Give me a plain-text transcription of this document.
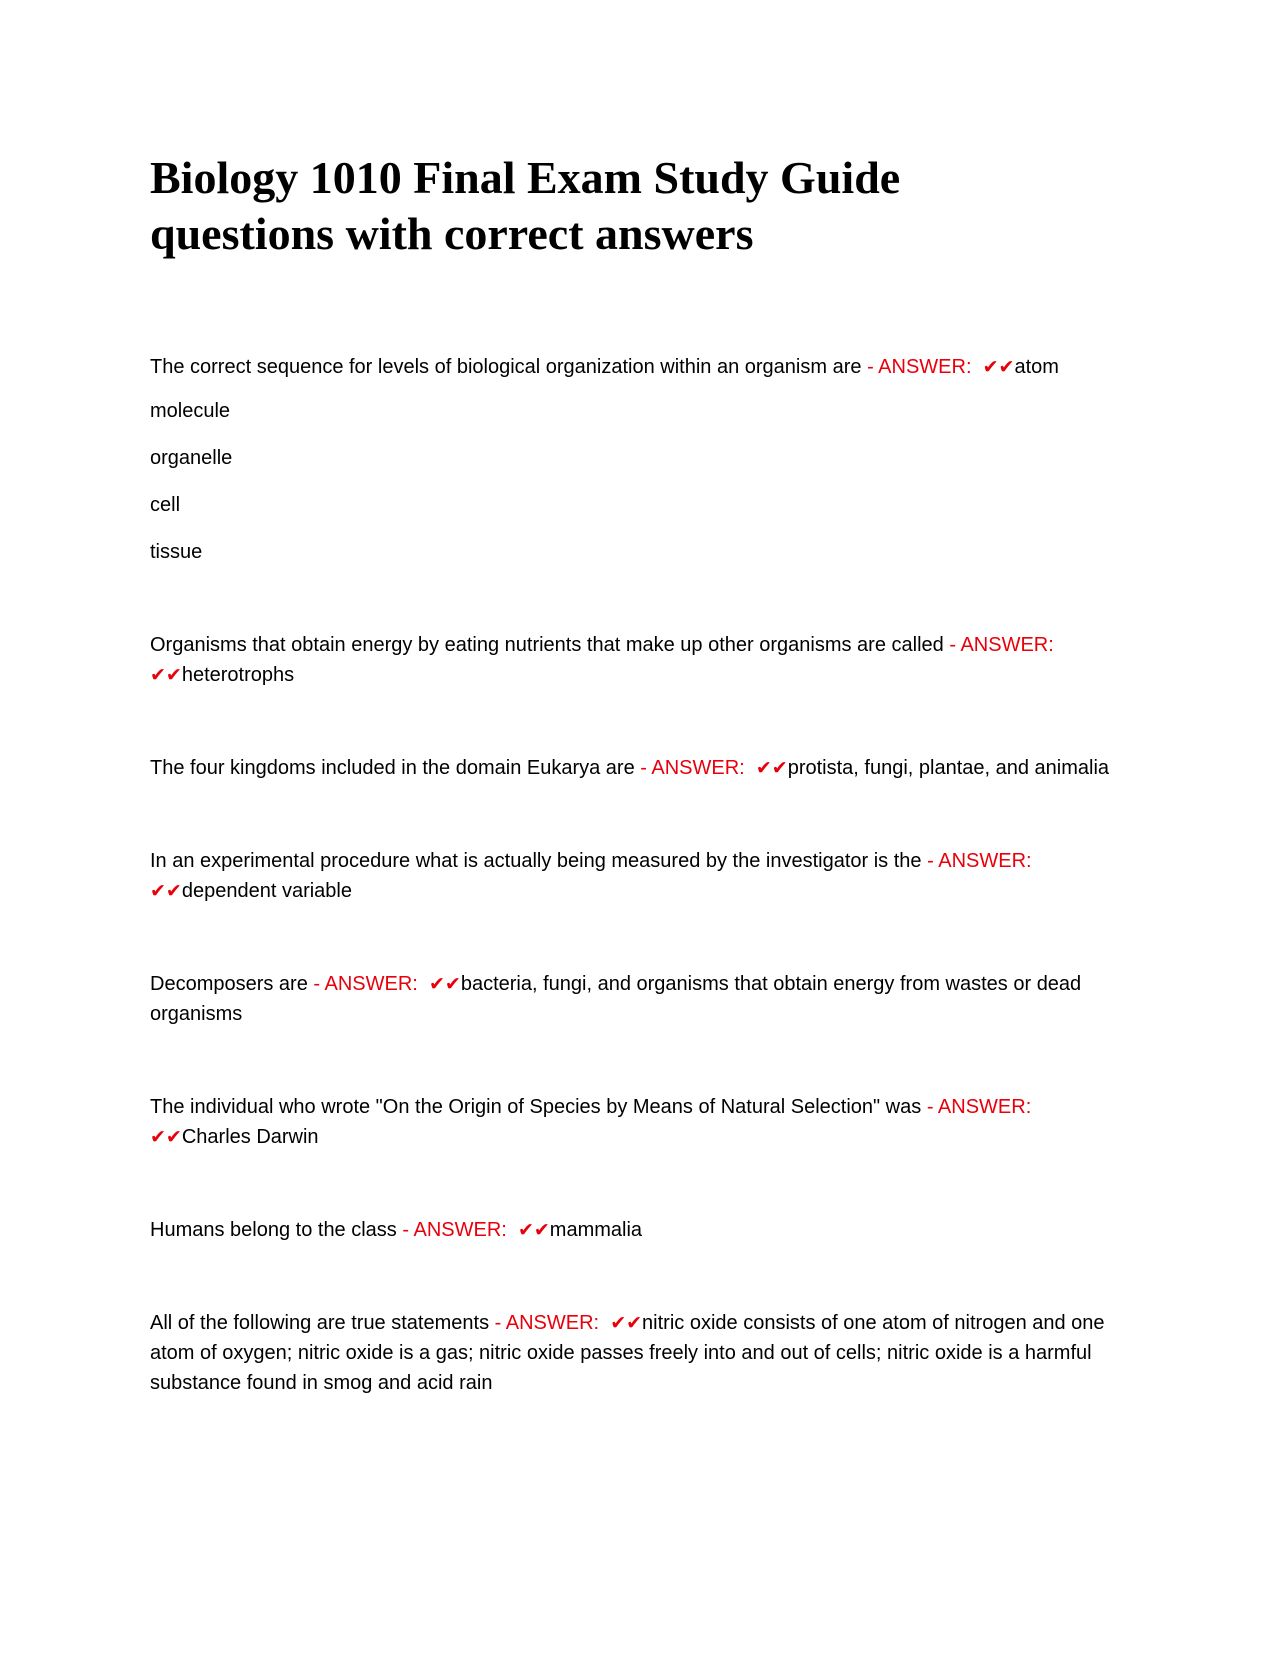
Biology 1010 Final Exam Study Guide
questions with correct answers

The correct sequence for levels of biological organization within an organism are - ANSWER: ✔✔atom

molecule
organelle
cell
tissue

Organisms that obtain energy by eating nutrients that make up other organisms are called - ANSWER:  ✔✔heterotrophs

The four kingdoms included in the domain Eukarya are - ANSWER: ✔✔protista, fungi, plantae, and animalia

In an experimental procedure what is actually being measured by the investigator is the - ANSWER:  ✔✔dependent variable

Decomposers are - ANSWER: ✔✔bacteria, fungi, and organisms that obtain energy from wastes or dead organisms

The individual who wrote "On the Origin of Species by Means of Natural Selection" was - ANSWER:  ✔✔Charles Darwin

Humans belong to the class - ANSWER: ✔✔mammalia

All of the following are true statements - ANSWER: ✔✔nitric oxide consists of one atom of nitrogen and one atom of oxygen; nitric oxide is a gas; nitric oxide passes freely into and out of cells; nitric oxide is a harmful substance found in smog and acid rain
